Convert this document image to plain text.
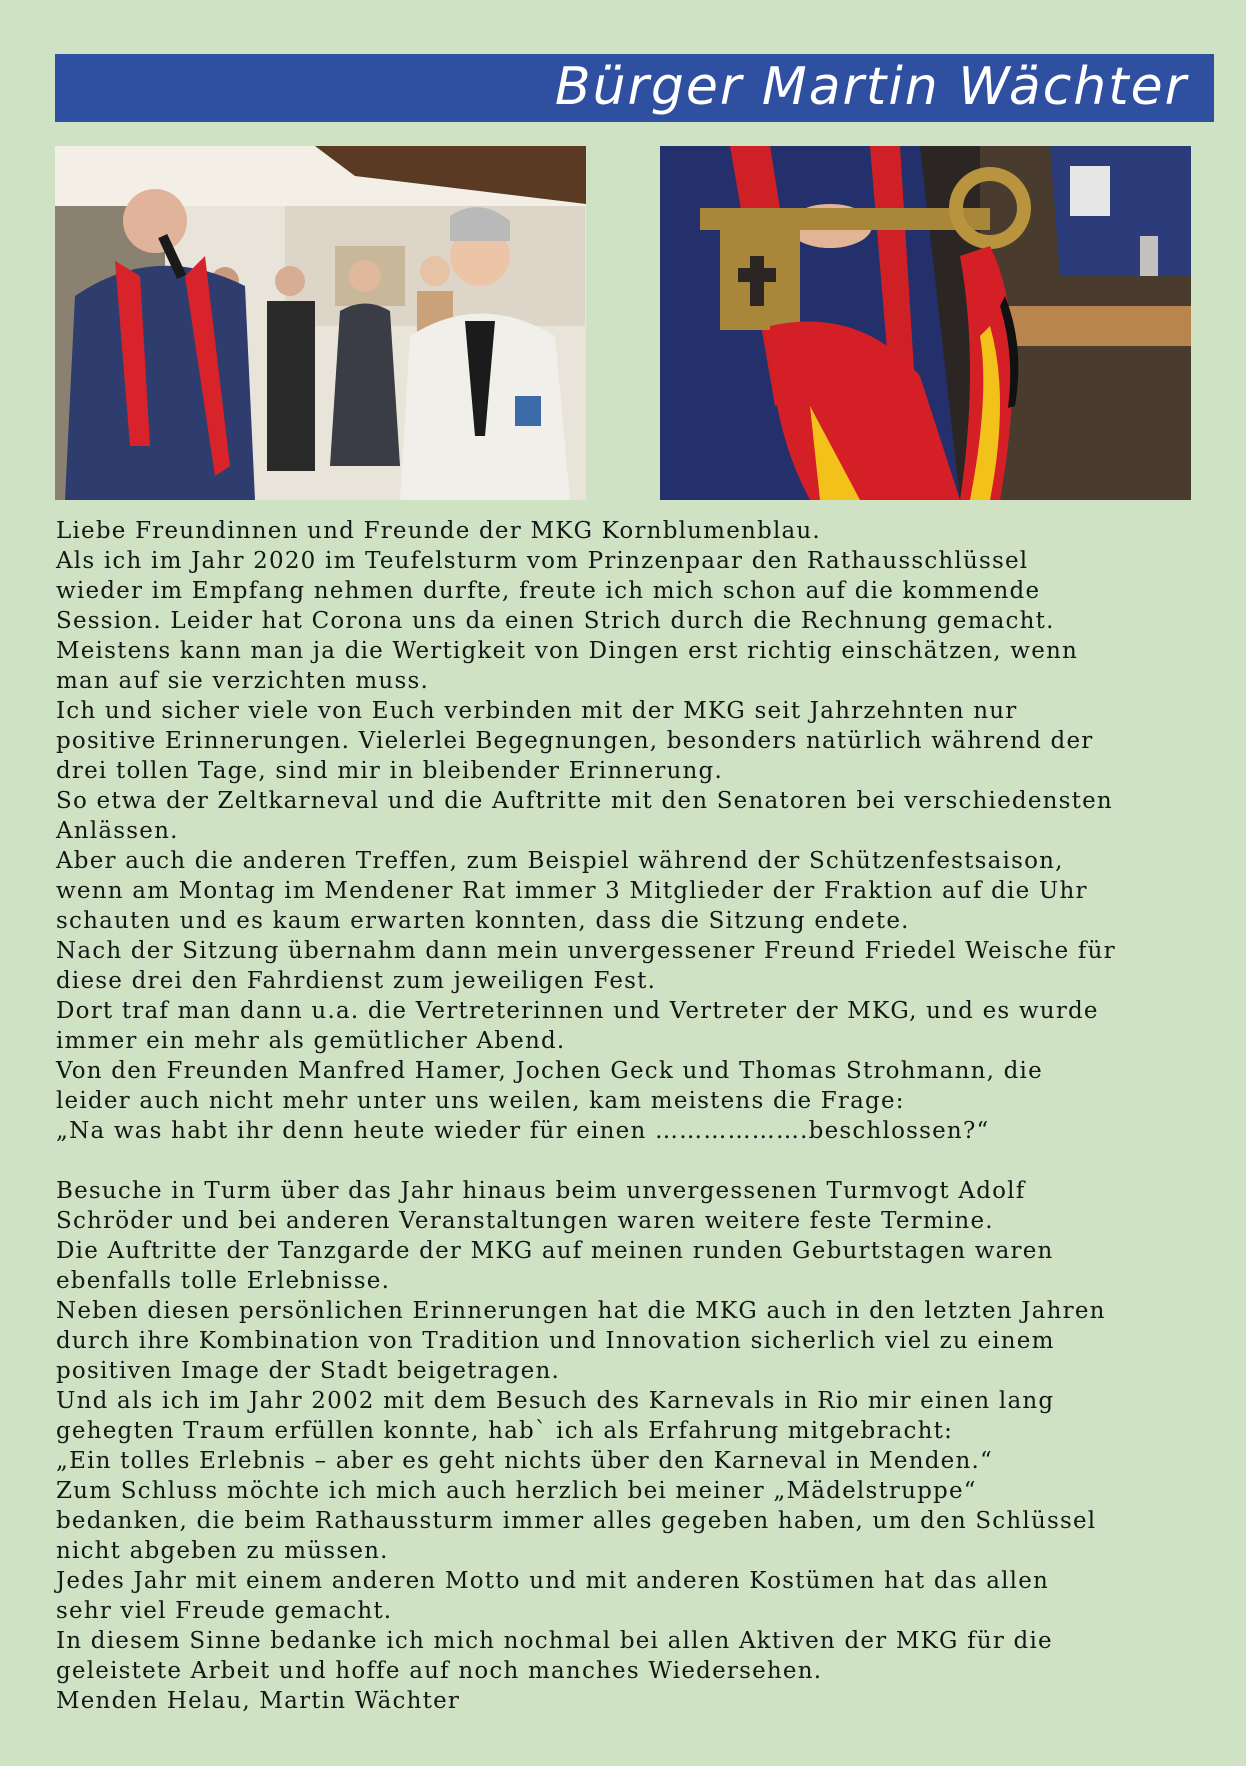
Bürger Martin Wächter

Liebe Freundinnen und Freunde der MKG Kornblumenblau.

Als ich im Jahr 2020 im Teufelsturm vom Prinzenpaar den Rathausschlüssel

wieder im Empfang nehmen durfte, freute ich mich schon auf die kommende

Session. Leider hat Corona uns da einen Strich durch die Rechnung gemacht.

Meistens kann man ja die Wertigkeit von Dingen erst richtig einschätzen, wenn

man auf sie verzichten muss.

Ich und sicher viele von Euch verbinden mit der MKG seit Jahrzehnten nur

positive Erinnerungen. Vielerlei Begegnungen, besonders natürlich während der

drei tollen Tage, sind mir in bleibender Erinnerung.

So etwa der Zeltkarneval und die Auftritte mit den Senatoren bei verschiedensten

Anlässen.

Aber auch die anderen Treffen, zum Beispiel während der Schützenfestsaison,

wenn am Montag im Mendener Rat immer 3 Mitglieder der Fraktion auf die Uhr

schauten und es kaum erwarten konnten, dass die Sitzung endete.

Nach der Sitzung übernahm dann mein unvergessener Freund Friedel Weische für

diese drei den Fahrdienst zum jeweiligen Fest.

Dort traf man dann u.a. die Vertreterinnen und Vertreter der MKG, und es wurde

immer ein mehr als gemütlicher Abend.

Von den Freunden Manfred Hamer, Jochen Geck und Thomas Strohmann, die

leider auch nicht mehr unter uns weilen, kam meistens die Frage:

„Na was habt ihr denn heute wieder für einen ……………….beschlossen?“

Besuche in Turm über das Jahr hinaus beim unvergessenen Turmvogt Adolf

Schröder und bei anderen Veranstaltungen waren weitere feste Termine.

Die Auftritte der Tanzgarde der MKG auf meinen runden Geburtstagen waren

ebenfalls tolle Erlebnisse.

Neben diesen persönlichen Erinnerungen hat die MKG auch in den letzten Jahren

durch ihre Kombination von Tradition und Innovation sicherlich viel zu einem

positiven Image der Stadt beigetragen.

Und als ich im Jahr 2002 mit dem Besuch des Karnevals in Rio mir einen lang

gehegten Traum erfüllen konnte, hab` ich als Erfahrung mitgebracht:

„Ein tolles Erlebnis – aber es geht nichts über den Karneval in Menden.“

Zum Schluss möchte ich mich auch herzlich bei meiner „Mädelstruppe“

bedanken, die beim Rathaussturm immer alles gegeben haben, um den Schlüssel

nicht abgeben zu müssen.

Jedes Jahr mit einem anderen Motto und mit anderen Kostümen hat das allen

sehr viel Freude gemacht.

In diesem Sinne bedanke ich mich nochmal bei allen Aktiven der MKG für die

geleistete Arbeit und hoffe auf noch manches Wiedersehen.

Menden Helau, Martin Wächter
